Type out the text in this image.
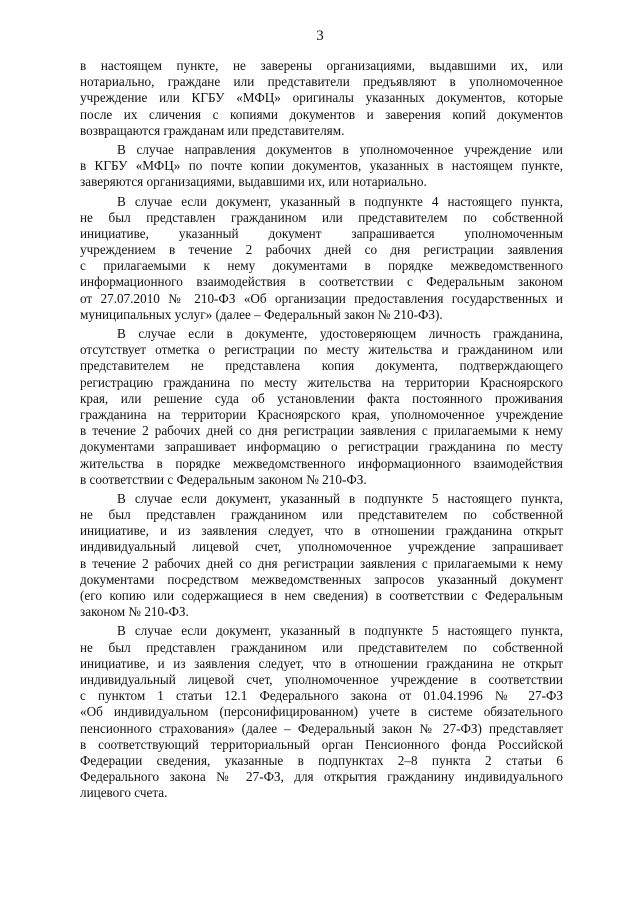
3
в настоящем пункте, не заверены организациями, выдавшими их, или
нотариально, граждане или представители предъявляют в уполномоченное
учреждение или КГБУ «МФЦ» оригиналы указанных документов, которые
после их сличения с копиями документов и заверения копий документов
возвращаются гражданам или представителям.
В случае направления документов в уполномоченное учреждение или
в КГБУ «МФЦ» по почте копии документов, указанных в настоящем пункте,
заверяются организациями, выдавшими их, или нотариально.
В случае если документ, указанный в подпункте 4 настоящего пункта,
не был представлен гражданином или представителем по собственной
инициативе, указанный документ запрашивается уполномоченным
учреждением в течение 2 рабочих дней со дня регистрации заявления
с прилагаемыми к нему документами в порядке межведомственного
информационного взаимодействия в соответствии с Федеральным законом
от 27.07.2010 № 210-ФЗ «Об организации предоставления государственных и
муниципальных услуг» (далее – Федеральный закон № 210-ФЗ).
В случае если в документе, удостоверяющем личность гражданина,
отсутствует отметка о регистрации по месту жительства и гражданином или
представителем не представлена копия документа, подтверждающего
регистрацию гражданина по месту жительства на территории Красноярского
края, или решение суда об установлении факта постоянного проживания
гражданина на территории Красноярского края, уполномоченное учреждение
в течение 2 рабочих дней со дня регистрации заявления с прилагаемыми к нему
документами запрашивает информацию о регистрации гражданина по месту
жительства в порядке межведомственного информационного взаимодействия
в соответствии с Федеральным законом № 210-ФЗ.
В случае если документ, указанный в подпункте 5 настоящего пункта,
не был представлен гражданином или представителем по собственной
инициативе, и из заявления следует, что в отношении гражданина открыт
индивидуальный лицевой счет, уполномоченное учреждение запрашивает
в течение 2 рабочих дней со дня регистрации заявления с прилагаемыми к нему
документами посредством межведомственных запросов указанный документ
(его копию или содержащиеся в нем сведения) в соответствии с Федеральным
законом № 210-ФЗ.
В случае если документ, указанный в подпункте 5 настоящего пункта,
не был представлен гражданином или представителем по собственной
инициативе, и из заявления следует, что в отношении гражданина не открыт
индивидуальный лицевой счет, уполномоченное учреждение в соответствии
с пунктом 1 статьи 12.1 Федерального закона от 01.04.1996 № 27-ФЗ
«Об индивидуальном (персонифицированном) учете в системе обязательного
пенсионного страхования» (далее – Федеральный закон № 27-ФЗ) представляет
в соответствующий территориальный орган Пенсионного фонда Российской
Федерации сведения, указанные в подпунктах 2–8 пункта 2 статьи 6
Федерального закона № 27-ФЗ, для открытия гражданину индивидуального
лицевого счета.
